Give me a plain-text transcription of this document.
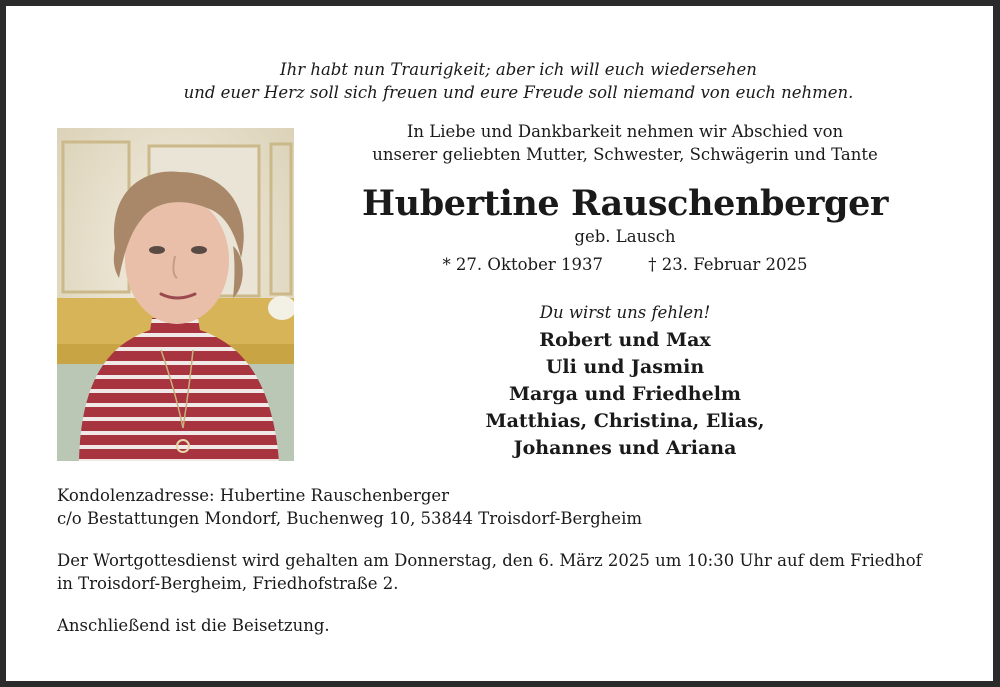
Ihr habt nun Traurigkeit; aber ich will euch wiedersehen
und euer Herz soll sich freuen und eure Freude soll niemand von euch nehmen.
In Liebe und Dankbarkeit nehmen wir Abschied von
unserer geliebten Mutter, Schwester, Schwägerin und Tante
Hubertine Rauschenberger
geb. Lausch
* 27. Oktober 1937	† 23. Februar 2025
Du wirst uns fehlen!
Robert und Max
Uli und Jasmin
Marga und Friedhelm
Matthias, Christina, Elias,
Johannes und Ariana
Kondolenzadresse: Hubertine Rauschenberger
c/o Bestattungen Mondorf, Buchenweg 10, 53844 Troisdorf-Bergheim
Der Wortgottesdienst wird gehalten am Donnerstag, den 6. März 2025 um 10:30 Uhr auf dem Friedhof
in Troisdorf-Bergheim, Friedhofstraße 2.
Anschließend ist die Beisetzung.
